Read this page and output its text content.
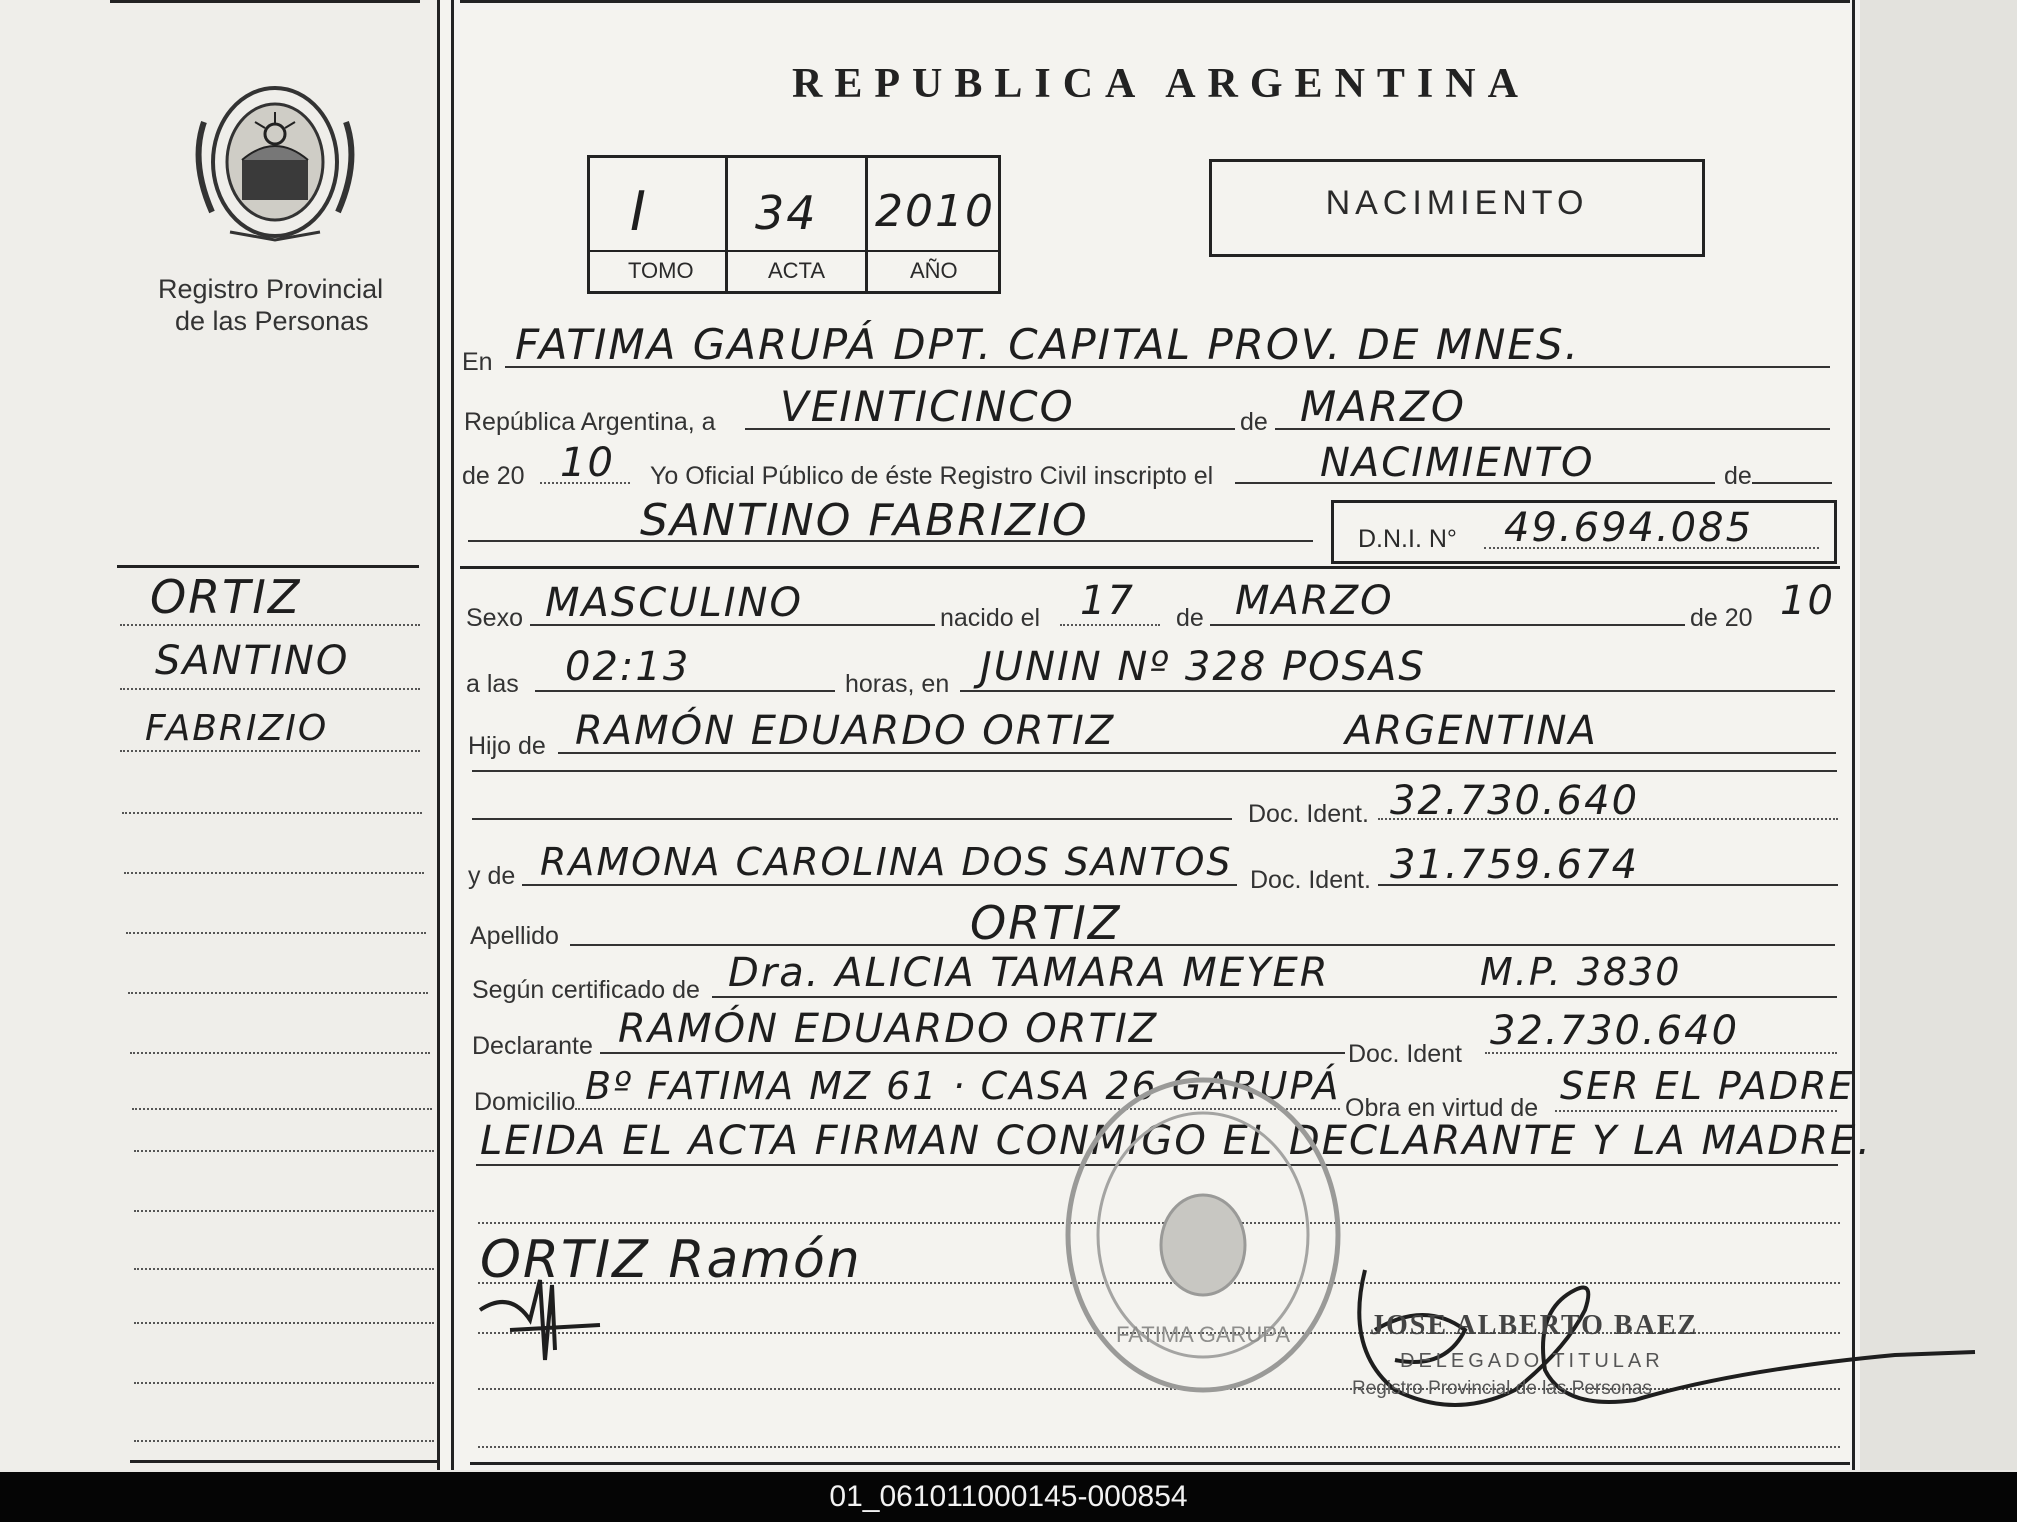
Registro Provincial
de las Personas
REPUBLICA ARGENTINA
I 34 2010
TOMO	ACTA	AÑO
NACIMIENTO
ORTIZ
SANTINO
FABRIZIO
En FATIMA GARUPÁ DPT. CAPITAL PROV. DE MNES.
República Argentina, a VEINTICINCO	de MARZO
de 20 10 Yo Oficial Público de éste Registro Civil inscripto el	NACIMIENTO	de
SANTINO FABRIZIO	D.N.I. N° 49.694.085
Sexo MASCULINO	nacido el 17 de MARZO	de 20 10
a las 02:13	horas, en JUNIN Nº 328 POSAS
Hijo de RAMÓN EDUARDO ORTIZ	ARGENTINA
Doc. Ident. 32.730.640
y de RAMONA CAROLINA DOS SANTOS Doc. Ident. 31.759.674
Apellido	ORTIZ
Según certificado de Dra. ALICIA TAMARA MEYER	M.P. 3830
Declarante RAMÓN EDUARDO ORTIZ
Doc. Ident 32.730.640
Domicilio Bº FATIMA MZ 61 · CASA 26 GARUPÁ Obra en virtud de SER EL PADRE
LEIDA EL ACTA FIRMAN CONMIGO EL DECLARANTE Y LA MADRE.
ORTIZ Ramón
FATIMA GARUPA	JOSE ALBERTO BAEZ
DELEGADO TITULAR
Registro Provincial de las Personas
01_061011000145-000854
